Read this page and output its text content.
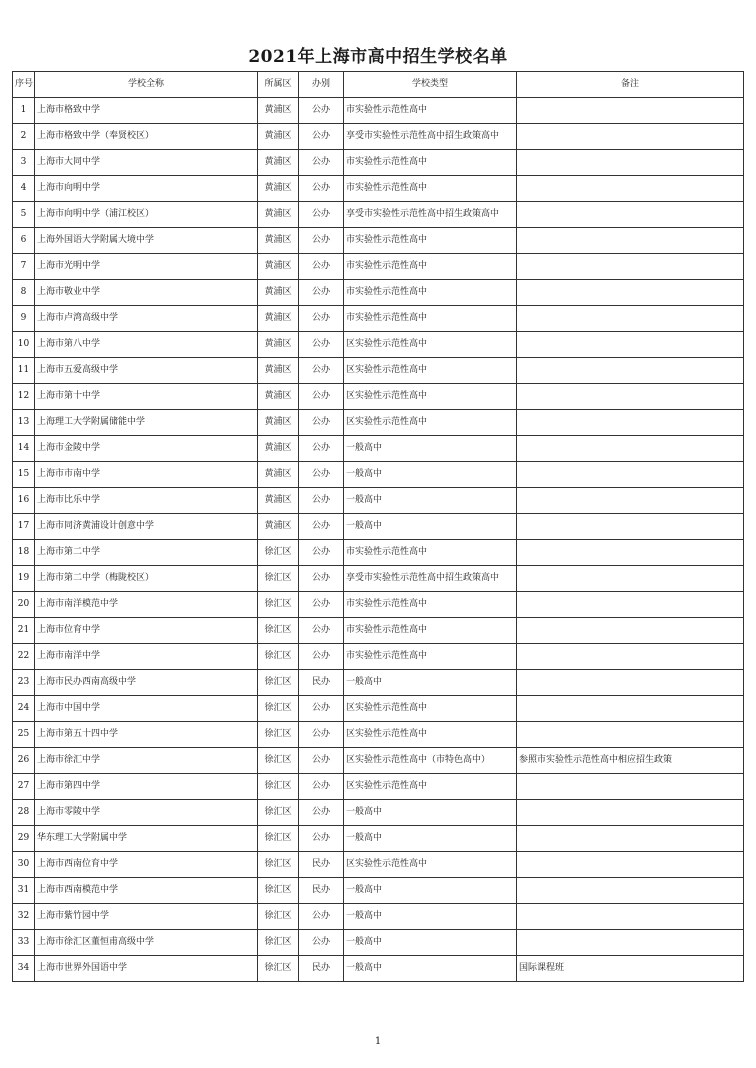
2021年上海市高中招生学校名单
序号	学校全称	所属区	办别	学校类型	备注
1	上海市格致中学	黄浦区	公办	市实验性示范性高中	
2	上海市格致中学（奉贤校区）	黄浦区	公办	享受市实验性示范性高中招生政策高中	
3	上海市大同中学	黄浦区	公办	市实验性示范性高中	
4	上海市向明中学	黄浦区	公办	市实验性示范性高中	
5	上海市向明中学（浦江校区）	黄浦区	公办	享受市实验性示范性高中招生政策高中	
6	上海外国语大学附属大境中学	黄浦区	公办	市实验性示范性高中	
7	上海市光明中学	黄浦区	公办	市实验性示范性高中	
8	上海市敬业中学	黄浦区	公办	市实验性示范性高中	
9	上海市卢湾高级中学	黄浦区	公办	市实验性示范性高中	
10	上海市第八中学	黄浦区	公办	区实验性示范性高中	
11	上海市五爱高级中学	黄浦区	公办	区实验性示范性高中	
12	上海市第十中学	黄浦区	公办	区实验性示范性高中	
13	上海理工大学附属储能中学	黄浦区	公办	区实验性示范性高中	
14	上海市金陵中学	黄浦区	公办	一般高中	
15	上海市市南中学	黄浦区	公办	一般高中	
16	上海市比乐中学	黄浦区	公办	一般高中	
17	上海市同济黄浦设计创意中学	黄浦区	公办	一般高中	
18	上海市第二中学	徐汇区	公办	市实验性示范性高中	
19	上海市第二中学（梅陇校区）	徐汇区	公办	享受市实验性示范性高中招生政策高中	
20	上海市南洋模范中学	徐汇区	公办	市实验性示范性高中	
21	上海市位育中学	徐汇区	公办	市实验性示范性高中	
22	上海市南洋中学	徐汇区	公办	市实验性示范性高中	
23	上海市民办西南高级中学	徐汇区	民办	一般高中	
24	上海市中国中学	徐汇区	公办	区实验性示范性高中	
25	上海市第五十四中学	徐汇区	公办	区实验性示范性高中	
26	上海市徐汇中学	徐汇区	公办	区实验性示范性高中（市特色高中）	参照市实验性示范性高中相应招生政策
27	上海市第四中学	徐汇区	公办	区实验性示范性高中	
28	上海市零陵中学	徐汇区	公办	一般高中	
29	华东理工大学附属中学	徐汇区	公办	一般高中	
30	上海市西南位育中学	徐汇区	民办	区实验性示范性高中	
31	上海市西南模范中学	徐汇区	民办	一般高中	
32	上海市紫竹园中学	徐汇区	公办	一般高中	
33	上海市徐汇区董恒甫高级中学	徐汇区	公办	一般高中	
34	上海市世界外国语中学	徐汇区	民办	一般高中	国际课程班
1
